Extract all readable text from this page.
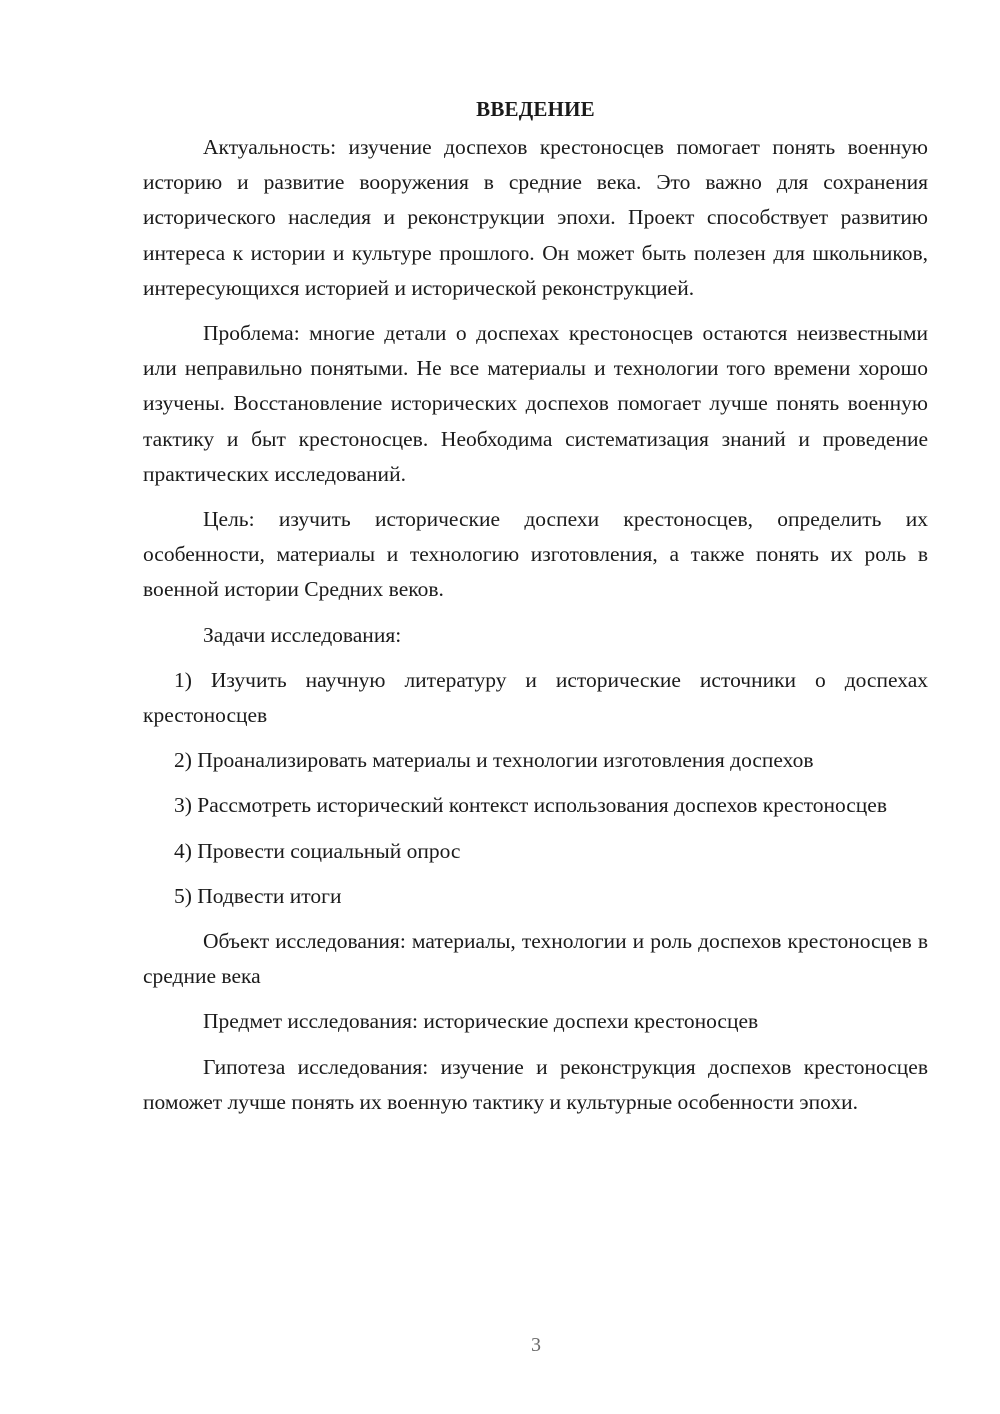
ВВЕДЕНИЕ

Актуальность: изучение доспехов крестоносцев помогает понять военную историю и развитие вооружения в средние века. Это важно для сохранения исторического наследия и реконструкции эпохи. Проект способствует развитию интереса к истории и культуре прошлого. Он может быть полезен для школьников, интересующихся историей и исторической реконструкцией.

Проблема: многие детали о доспехах крестоносцев остаются неизвестными или неправильно понятыми. Не все материалы и технологии того времени хорошо изучены. Восстановление исторических доспехов помогает лучше понять военную тактику и быт крестоносцев. Необходима систематизация знаний и проведение практических исследований.

Цель: изучить исторические доспехи крестоносцев, определить их особенности, материалы и технологию изготовления, а также понять их роль в военной истории Средних веков.

Задачи исследования:

1) Изучить научную литературу и исторические источники о доспехах крестоносцев

2) Проанализировать материалы и технологии изготовления доспехов

3) Рассмотреть исторический контекст использования доспехов крестоносцев

4) Провести социальный опрос

5) Подвести итоги

Объект исследования: материалы, технологии и роль доспехов крестоносцев в средние века

Предмет исследования: исторические доспехи крестоносцев

Гипотеза исследования: изучение и реконструкция доспехов крестоносцев поможет лучше понять их военную тактику и культурные особенности эпохи.

3
